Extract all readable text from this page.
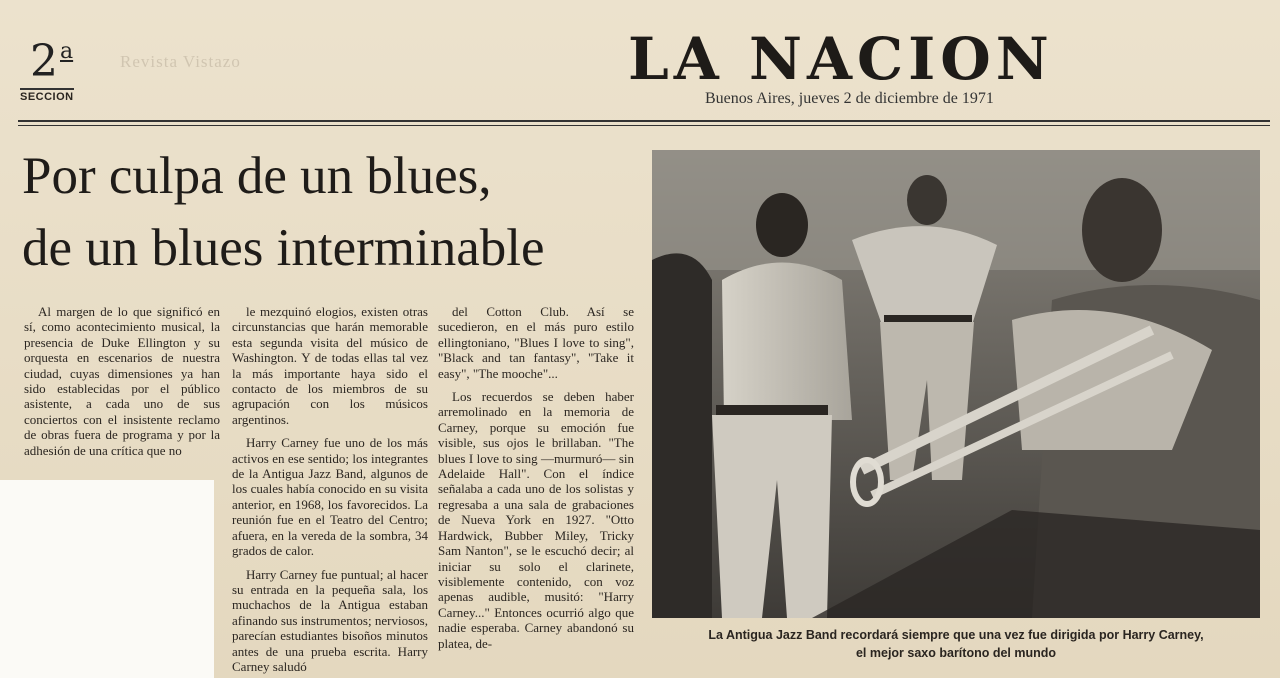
Revista Vistazo
2$^a$
SECCION
LA NACION
Buenos Aires, jueves 2 de diciembre de 1971
Por culpa de un blues,
de un blues interminable

Al margen de lo que significó en sí, como acontecimiento musical, la presencia de Duke Ellington y su orquesta en escenarios de nuestra ciudad, cuyas dimensiones ya han sido establecidas por el público asistente, a cada uno de sus conciertos con el insistente reclamo de obras fuera de programa y por la adhesión de una crítica que no

le mezquinó elogios, existen otras circunstancias que harán memorable esta segunda visita del músico de Washington. Y de todas ellas tal vez la más importante haya sido el contacto de los miembros de su agrupación con los músicos argentinos.

Harry Carney fue uno de los más activos en ese sentido; los integrantes de la Antigua Jazz Band, algunos de los cuales había conocido en su visita anterior, en 1968, los favorecidos. La reunión fue en el Teatro del Centro; afuera, en la vereda de la sombra, 34 grados de calor.

Harry Carney fue puntual; al hacer su entrada en la pequeña sala, los muchachos de la Antigua estaban afinando sus instrumentos; nerviosos, parecían estudiantes bisoños minutos antes de una prueba escrita. Harry Carney saludó

del Cotton Club. Así se sucedieron, en el más puro estilo ellingtoniano, "Blues I love to sing", "Black and tan fantasy", "Take it easy", "The mooche"...

Los recuerdos se deben haber arremolinado en la memoria de Carney, porque su emoción fue visible, sus ojos le brillaban. "The blues I love to sing —murmuró— sin Adelaide Hall". Con el índice señalaba a cada uno de los solistas y regresaba a una sala de grabaciones de Nueva York en 1927. "Otto Hardwick, Bubber Miley, Tricky Sam Nanton", se le escuchó decir; al iniciar su solo el clarinete, visiblemente contenido, con voz apenas audible, musitó: "Harry Carney..." Entonces ocurrió algo que nadie esperaba. Carney abandonó su platea, de-

La Antigua Jazz Band recordará siempre que una vez fue dirigida por Harry Carney,
el mejor saxo barítono del mundo
